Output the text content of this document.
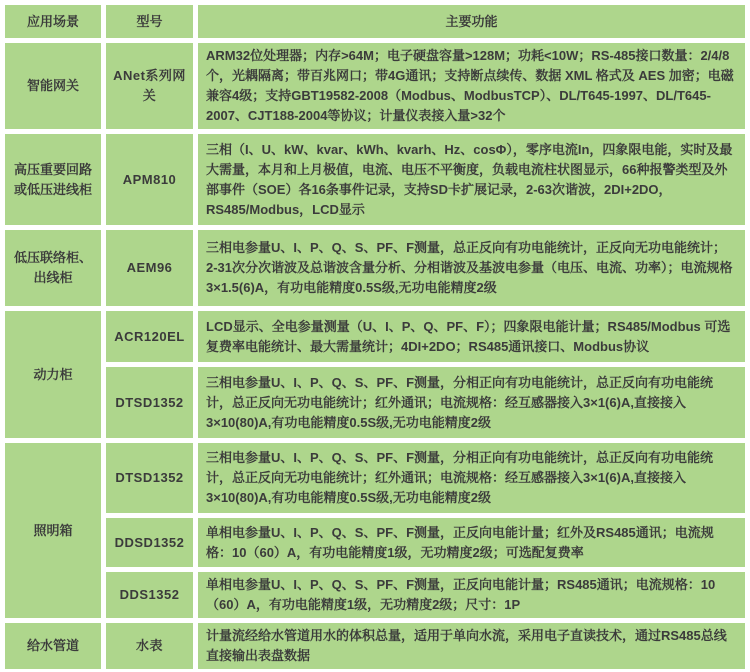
应用场景	型号	主要功能
智能网关	ANet系列网关	ARM32位处理器；内存>64M；电子硬盘容量>128M；功耗<10W；RS-485接口数量：2/4/8个，光耦隔离；带百兆网口；带4G通讯；支持断点续传、数据 XML 格式及 AES 加密；电磁兼容4级；支持GBT19582-2008（Modbus、ModbusTCP）、DL/T645-1997、DL/T645-2007、CJT188-2004等协议；计量仪表接入量>32个
高压重要回路或低压进线柜	APM810	三相（I、U、kW、kvar、kWh、kvarh、Hz、cosΦ），零序电流In，四象限电能，实时及最大需量，本月和上月极值，电流、电压不平衡度，负载电流柱状图显示，66种报警类型及外部事件（SOE）各16条事件记录，支持SD卡扩展记录，2-63次谐波，2DI+2DO，RS485/Modbus，LCD显示
低压联络柜、出线柜	AEM96	三相电参量U、I、P、Q、S、PF、F测量，总正反向有功电能统计，正反向无功电能统计；2-31次分次谐波及总谐波含量分析、分相谐波及基波电参量（电压、电流、功率）；电流规格3×1.5(6)A，有功电能精度0.5S级,无功电能精度2级
动力柜	ACR120EL	LCD显示、全电参量测量（U、I、P、Q、PF、F）；四象限电能计量；RS485/Modbus 可选复费率电能统计、最大需量统计；4DI+2DO；RS485通讯接口、Modbus协议
	DTSD1352	三相电参量U、I、P、Q、S、PF、F测量，分相正向有功电能统计，总正反向有功电能统计，总正反向无功电能统计；红外通讯；电流规格：经互感器接入3×1(6)A,直接接入3×10(80)A,有功电能精度0.5S级,无功电能精度2级
照明箱	DTSD1352	三相电参量U、I、P、Q、S、PF、F测量，分相正向有功电能统计，总正反向有功电能统计，总正反向无功电能统计；红外通讯；电流规格：经互感器接入3×1(6)A,直接接入3×10(80)A,有功电能精度0.5S级,无功电能精度2级
	DDSD1352	单相电参量U、I、P、Q、S、PF、F测量，正反向电能计量；红外及RS485通讯；电流规格：10（60）A，有功电能精度1级，无功精度2级；可选配复费率
	DDS1352	单相电参量U、I、P、Q、S、PF、F测量，正反向电能计量；RS485通讯；电流规格：10（60）A，有功电能精度1级，无功精度2级；尺寸：1P
给水管道	水表	计量流经给水管道用水的体积总量，适用于单向水流，采用电子直读技术，通过RS485总线直接输出表盘数据
